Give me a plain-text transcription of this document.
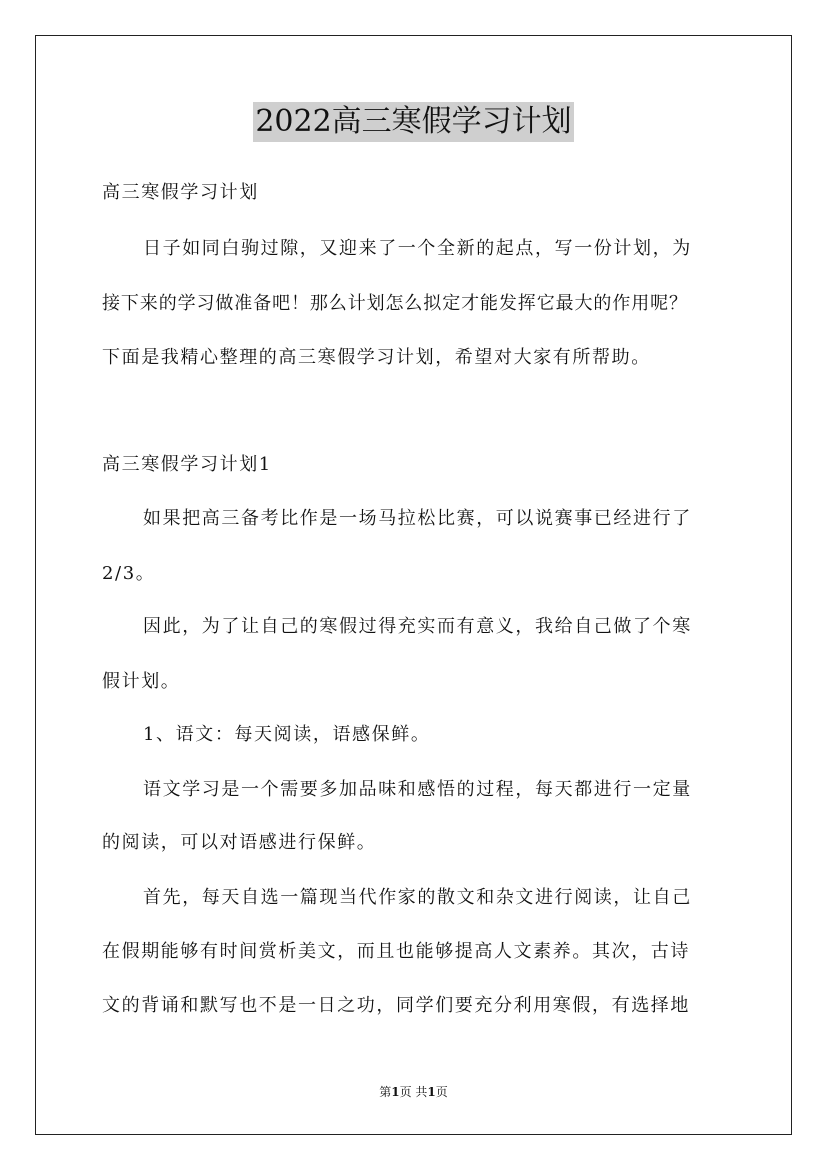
2022高三寒假学习计划
高三寒假学习计划
日子如同白驹过隙，又迎来了一个全新的起点，写一份计划，为
接下来的学习做准备吧！那么计划怎么拟定才能发挥它最大的作用呢？
下面是我精心整理的高三寒假学习计划，希望对大家有所帮助。
高三寒假学习计划1
如果把高三备考比作是一场马拉松比赛，可以说赛事已经进行了
2/3。
因此，为了让自己的寒假过得充实而有意义，我给自己做了个寒
假计划。
1、语文：每天阅读，语感保鲜。
语文学习是一个需要多加品味和感悟的过程，每天都进行一定量
的阅读，可以对语感进行保鲜。
首先，每天自选一篇现当代作家的散文和杂文进行阅读，让自己
在假期能够有时间赏析美文，而且也能够提高人文素养。其次，古诗
文的背诵和默写也不是一日之功，同学们要充分利用寒假，有选择地
第1页 共1页
